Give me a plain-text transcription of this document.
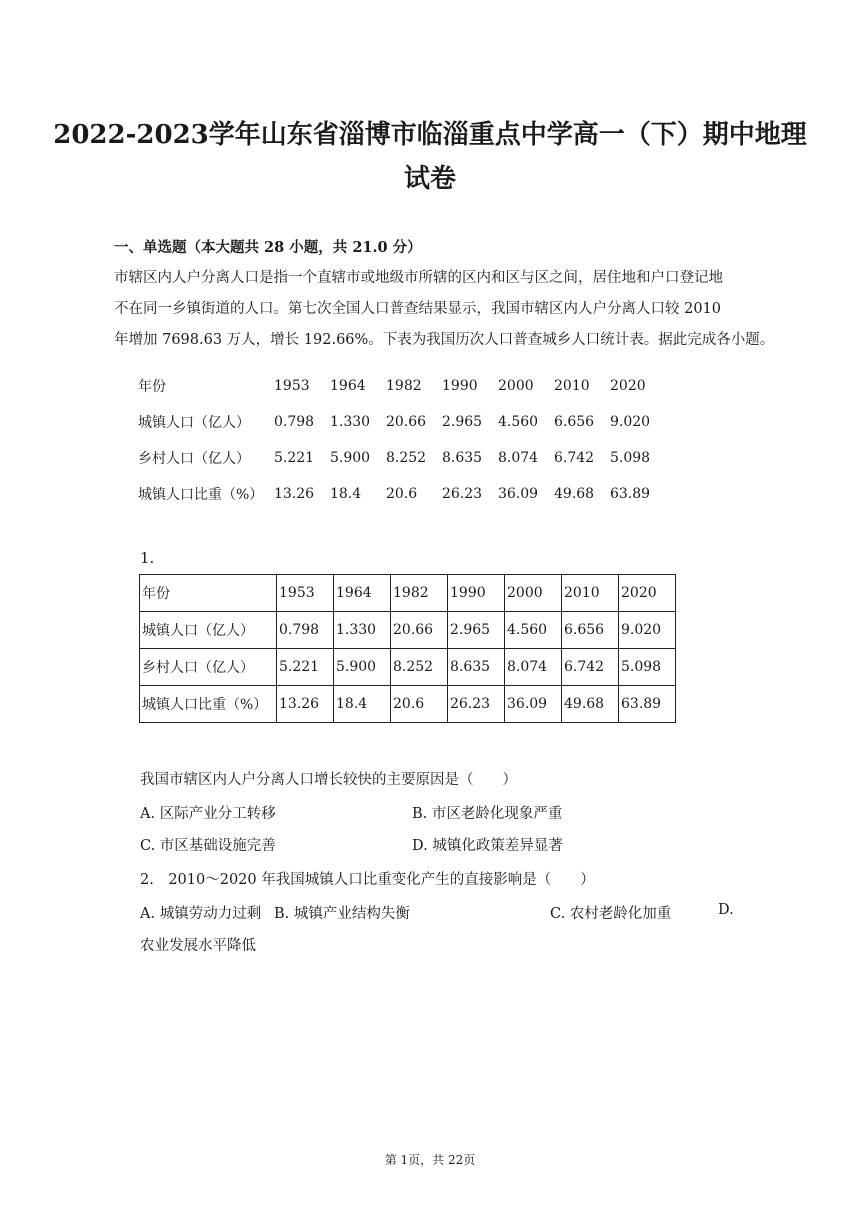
2022-2023学年山东省淄博市临淄重点中学高一（下）期中地理
试卷
一、单选题（本大题共 28 小题，共 21.0 分）
市辖区内人户分离人口是指一个直辖市或地级市所辖的区内和区与区之间，居住地和户口登记地
不在同一乡镇街道的人口。第七次全国人口普查结果显示，我国市辖区内人户分离人口较 2010
年增加 7698.63 万人，增长 192.66%。下表为我国历次人口普查城乡人口统计表。据此完成各小题。
年份	1953	1964	1982	1990	2000	2010	2020
城镇人口（亿人）	0.798	1.330	20.66	2.965	4.560	6.656	9.020
乡村人口（亿人）	5.221	5.900	8.252	8.635	8.074	6.742	5.098
城镇人口比重（%）	13.26	18.4	20.6	26.23	36.09	49.68	63.89
1.
年份	1953	1964	1982	1990	2000	2010	2020
城镇人口（亿人）	0.798	1.330	20.66	2.965	4.560	6.656	9.020
乡村人口（亿人）	5.221	5.900	8.252	8.635	8.074	6.742	5.098
城镇人口比重（%）	13.26	18.4	20.6	26.23	36.09	49.68	63.89
我国市辖区内人户分离人口增长较快的主要原因是（　　）
A. 区际产业分工转移	B. 市区老龄化现象严重
C. 市区基础设施完善	D. 城镇化政策差异显著
2.　2010～2020 年我国城镇人口比重变化产生的直接影响是（　　）
A. 城镇劳动力过剩 B. 城镇产业结构失衡	C. 农村老龄化加重	D.
农业发展水平降低
第 1页，共 22页
